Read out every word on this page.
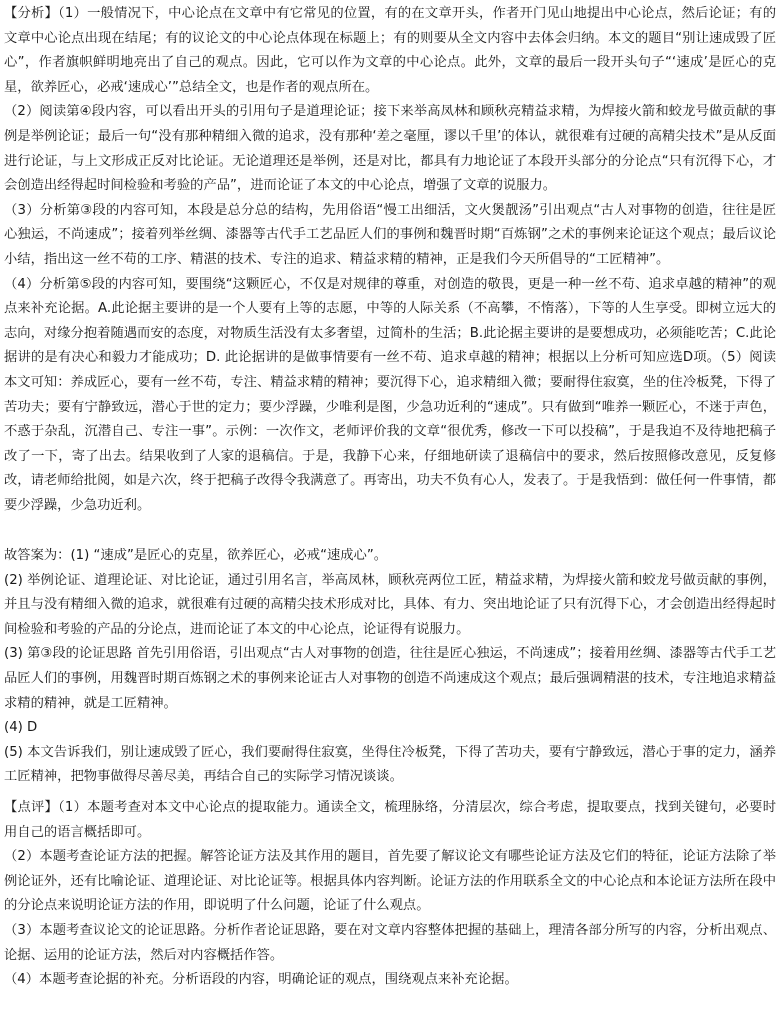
【分析】（1）一般情况下，中心论点在文章中有它常见的位置，有的在文章开头，作者开门见山地提出中心论点，然后论证；有的文章中心论点出现在结尾；有的议论文的中心论点体现在标题上；有的则要从全文内容中去体会归纳。本文的题目“别让速成毁了匠心”，作者旗帜鲜明地亮出了自己的观点。因此，它可以作为文章的中心论点。此外，文章的最后一段开头句子“‘速成’是匠心的克星，欲养匠心，必戒‘速成心’”总结全文，也是作者的观点所在。

（2）阅读第④段内容，可以看出开头的引用句子是道理论证；接下来举高凤林和顾秋亮精益求精，为焊接火箭和蛟龙号做贡献的事例是举例论证；最后一句“没有那种精细入微的追求，没有那种‘差之毫厘，谬以千里’的体认，就很难有过硬的高精尖技术”是从反面进行论证，与上文形成正反对比论证。无论道理还是举例，还是对比，都具有力地论证了本段开头部分的分论点“只有沉得下心，才会创造出经得起时间检验和考验的产品”，进而论证了本文的中心论点，增强了文章的说服力。

（3）分析第③段的内容可知，本段是总分总的结构，先用俗语“慢工出细活，文火煲靓汤”引出观点“古人对事物的创造，往往是匠心独运，不尚速成”；接着列举丝绸、漆器等古代手工艺品匠人们的事例和魏晋时期“百炼钢”之术的事例来论证这个观点；最后议论小结，指出这一丝不苟的工序、精湛的技术、专注的追求、精益求精的精神，正是我们今天所倡导的“工匠精神”。

（4）分析第⑤段的内容可知，要围绕“这颗匠心，不仅是对规律的尊重，对创造的敬畏，更是一种一丝不苟、追求卓越的精神”的观点来补充论据。A.此论据主要讲的是一个人要有上等的志愿，中等的人际关系（不高攀，不惰落），下等的人生享受。即树立远大的志向，对缘分抱着随遇而安的态度，对物质生活没有太多奢望，过简朴的生活；B.此论据主要讲的是要想成功，必须能吃苦；C.此论据讲的是有决心和毅力才能成功；D. 此论据讲的是做事情要有一丝不苟、追求卓越的精神；根据以上分析可知应选D项。（5）阅读本文可知：养成匠心，要有一丝不苟，专注、精益求精的精神；要沉得下心，追求精细入微；要耐得住寂寞，坐的住冷板凳，下得了苦功夫；要有宁静致远，潜心于世的定力；要少浮躁，少唯利是图，少急功近利的“速成”。只有做到“唯养一颗匠心，不迷于声色，不惑于杂乱，沉潜自己、专注一事”。示例：一次作文，老师评价我的文章“很优秀，修改一下可以投稿”，于是我迫不及待地把稿子改了一下，寄了出去。结果收到了人家的退稿信。于是，我静下心来，仔细地研读了退稿信中的要求，然后按照修改意见，反复修改，请老师给批阅，如是六次，终于把稿子改得令我满意了。再寄出，功夫不负有心人，发表了。于是我悟到：做任何一件事情，都要少浮躁，少急功近利。

故答案为：(1) “速成”是匠心的克星，欲养匠心，必戒“速成心”。

(2) 举例论证、道理论证、对比论证，通过引用名言，举高凤林，顾秋亮两位工匠，精益求精，为焊接火箭和蛟龙号做贡献的事例，并且与没有精细入微的追求，就很难有过硬的高精尖技术形成对比，具体、有力、突出地论证了只有沉得下心，才会创造出经得起时间检验和考验的产品的分论点，进而论证了本文的中心论点，论证得有说服力。

(3) 第③段的论证思路 首先引用俗语，引出观点“古人对事物的创造，往往是匠心独运，不尚速成”；接着用丝绸、漆器等古代手工艺品匠人们的事例，用魏晋时期百炼钢之术的事例来论证古人对事物的创造不尚速成这个观点；最后强调精湛的技术，专注地追求精益求精的精神，就是工匠精神。

(4) D

(5) 本文告诉我们，别让速成毁了匠心，我们要耐得住寂寞，坐得住冷板凳，下得了苦功夫，要有宁静致远，潜心于事的定力，涵养工匠精神，把物事做得尽善尽美，再结合自己的实际学习情况谈谈。

【点评】（1）本题考查对本文中心论点的提取能力。通读全文，梳理脉络，分清层次，综合考虑，提取要点，找到关键句，必要时用自己的语言概括即可。

（2）本题考查论证方法的把握。解答论证方法及其作用的题目，首先要了解议论文有哪些论证方法及它们的特征，论证方法除了举例论证外，还有比喻论证、道理论证、对比论证等。根据具体内容判断。论证方法的作用联系全文的中心论点和本论证方法所在段中的分论点来说明论证方法的作用，即说明了什么问题，论证了什么观点。

（3）本题考查议论文的论证思路。分析作者论证思路，要在对文章内容整体把握的基础上，理清各部分所写的内容，分析出观点、论据、运用的论证方法，然后对内容概括作答。

（4）本题考查论据的补充。分析语段的内容，明确论证的观点，围绕观点来补充论据。
